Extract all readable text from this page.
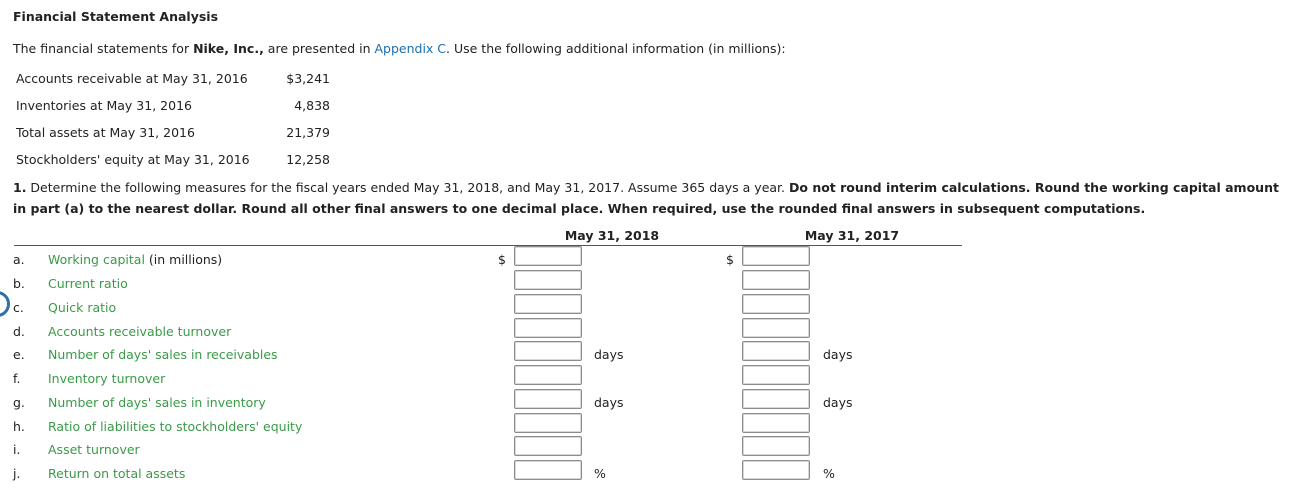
Financial Statement Analysis
The financial statements for Nike, Inc., are presented in Appendix C. Use the following additional information (in millions):
Accounts receivable at May 31, 2016	$3,241
Inventories at May 31, 2016	4,838
Total assets at May 31, 2016	21,379
Stockholders' equity at May 31, 2016	12,258
1. Determine the following measures for the fiscal years ended May 31, 2018, and May 31, 2017. Assume 365 days a year. Do not round interim calculations. Round the working capital amount in part (a) to the nearest dollar. Round all other final answers to one decimal place. When required, use the rounded final answers in subsequent computations.
May 31, 2018	May 31, 2017
a. Working capital (in millions)	$	$
b. Current ratio
c. Quick ratio
d. Accounts receivable turnover
e. Number of days' sales in receivables	days	days
f. Inventory turnover
g. Number of days' sales in inventory	days	days
h. Ratio of liabilities to stockholders' equity
i. Asset turnover
j. Return on total assets	%	%
